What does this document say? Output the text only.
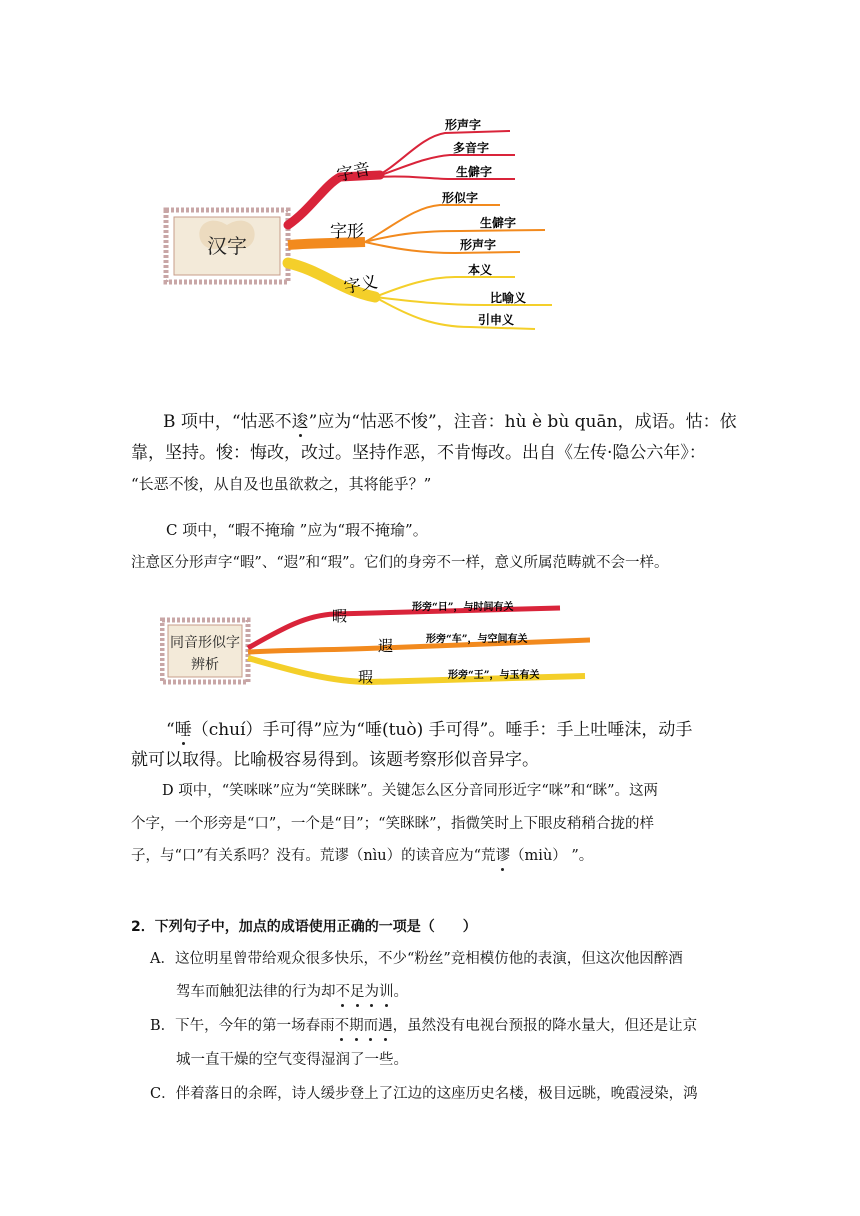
汉字
字音
字形
字义
形声字
多音字
生僻字
形似字
生僻字
形声字
本义
比喻义
引申义
B 项中，“怙恶不逡”应为“怙恶不悛”，注音：hù è bù quān，成语。怙：依
靠，坚持。悛：悔改，改过。坚持作恶，不肯悔改。出自《左传·隐公六年》：
“长恶不悛，从自及也虽欲救之，其将能乎？”
C 项中，“暇不掩瑜 ”应为“瑕不掩瑜”。
注意区分形声字“暇”、“遐”和“瑕”。它们的身旁不一样，意义所属范畴就不会一样。
同音形似字
辨析
暇
遐
瑕
形旁“日”，与时间有关
形旁“车”，与空间有关
形旁“王”，与玉有关
“唾（chuí）手可得”应为“唾(tuò) 手可得”。唾手：手上吐唾沫，动手
就可以取得。比喻极容易得到。该题考察形似音异字。
D 项中，“笑咪咪”应为“笑眯眯”。关键怎么区分音同形近字“咪”和“眯”。这两
个字，一个形旁是“口”，一个是“目”；“笑眯眯”，指微笑时上下眼皮稍稍合拢的样
子，与“口”有关系吗？没有。荒谬（nìu）的读音应为“荒谬（miù） ”。
2．下列句子中，加点的成语使用正确的一项是（　　）
A．这位明星曾带给观众很多快乐，不少“粉丝”竞相模仿他的表演，但这次他因醉酒
驾车而触犯法律的行为却不足为训。
B．下午，今年的第一场春雨不期而遇，虽然没有电视台预报的降水量大，但还是让京
城一直干燥的空气变得湿润了一些。
C．伴着落日的余晖，诗人缓步登上了江边的这座历史名楼，极目远眺，晚霞浸染，鸿
